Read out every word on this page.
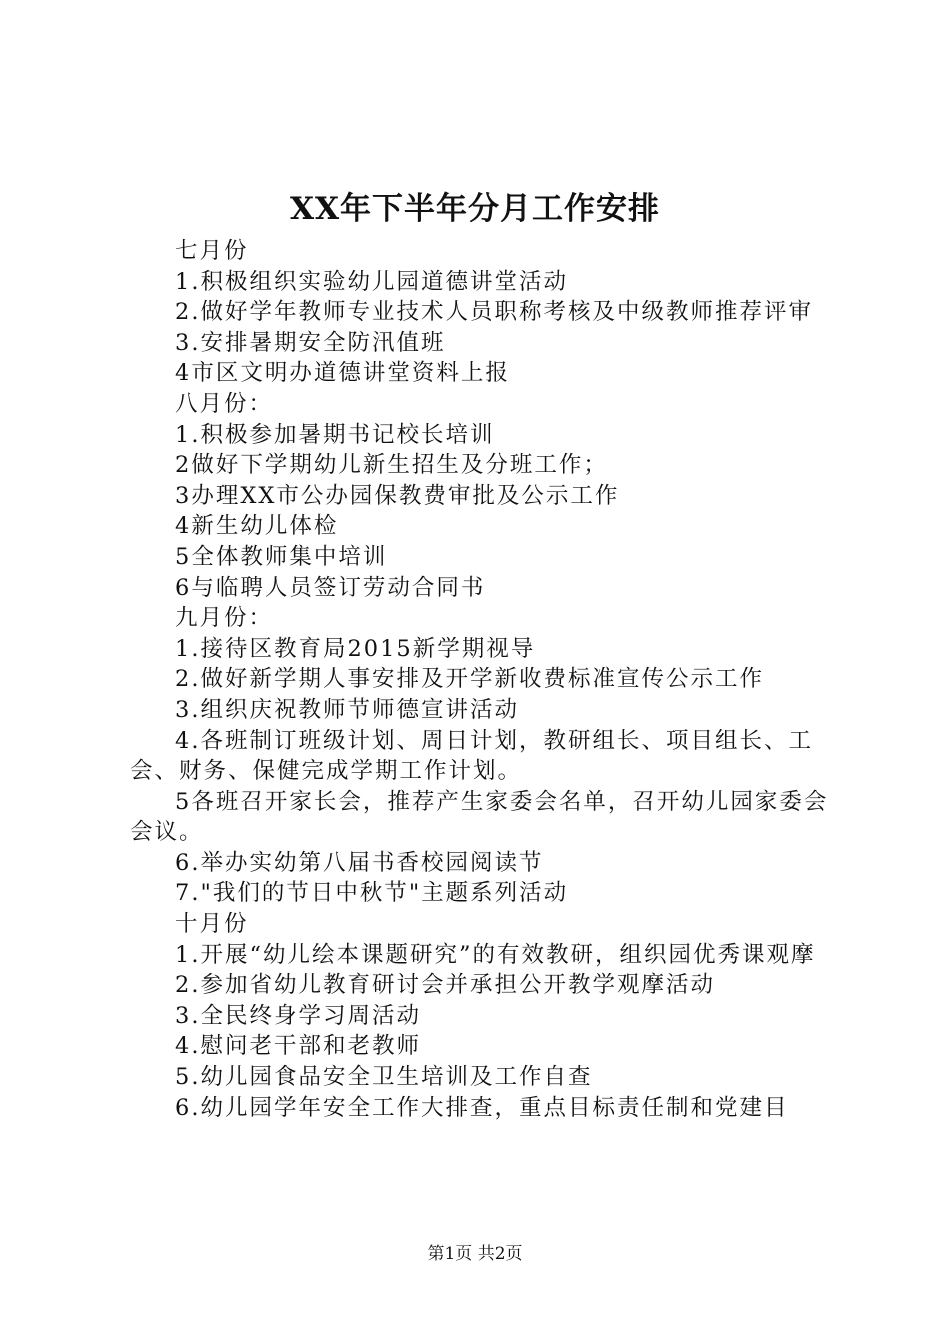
XX年下半年分月工作安排

七月份

1.积极组织实验幼儿园道德讲堂活动

2.做好学年教师专业技术人员职称考核及中级教师推荐评审

3.安排暑期安全防汛值班

4市区文明办道德讲堂资料上报

八月份：

1.积极参加暑期书记校长培训

2做好下学期幼儿新生招生及分班工作；

3办理XX市公办园保教费审批及公示工作

4新生幼儿体检

5全体教师集中培训

6与临聘人员签订劳动合同书

九月份：

1.接待区教育局2015新学期视导

2.做好新学期人事安排及开学新收费标准宣传公示工作

3.组织庆祝教师节师德宣讲活动

4.各班制订班级计划、周日计划，教研组长、项目组长、工会、财务、保健完成学期工作计划。

5各班召开家长会，推荐产生家委会名单，召开幼儿园家委会会议。

6.举办实幼第八届书香校园阅读节

7."我们的节日中秋节"主题系列活动

十月份

1.开展“幼儿绘本课题研究”的有效教研，组织园优秀课观摩

2.参加省幼儿教育研讨会并承担公开教学观摩活动

3.全民终身学习周活动

4.慰问老干部和老教师

5.幼儿园食品安全卫生培训及工作自查

6.幼儿园学年安全工作大排查，重点目标责任制和党建目

第1页 共2页
